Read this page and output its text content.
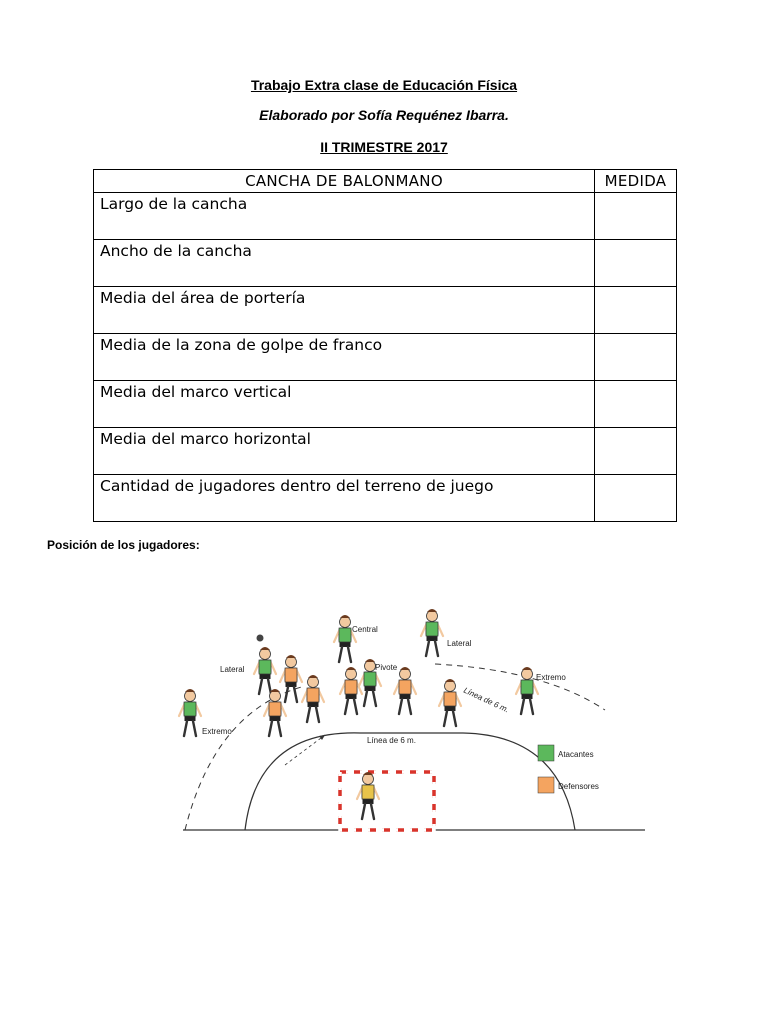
Trabajo Extra clase de Educación Física
Elaborado por Sofía Requénez Ibarra.
II TRIMESTRE 2017
CANCHA DE BALONMANO	MEDIDA
Largo de la cancha	
Ancho de la cancha	
Media del área de portería	
Media de la zona de golpe de franco	
Media del marco vertical	
Media del marco horizontal	
Cantidad de jugadores dentro del terreno de juego	
Posición de los jugadores:
Central
Lateral
Lateral	Pivote
Extremo
Extremo
Línea de 6 m.
Línea de 6 m.
Atacantes
Defensores
